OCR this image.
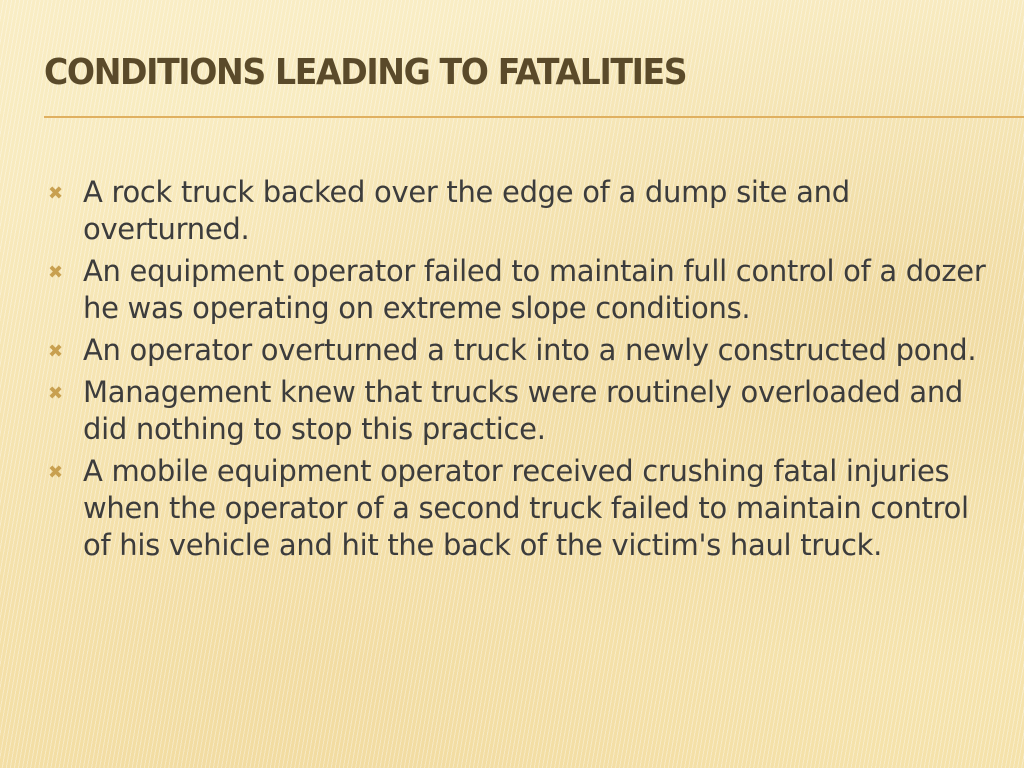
CONDITIONS LEADING TO FATALITIES
✖ A rock truck backed over the edge of a dump site and overturned.
✖ An equipment operator failed to maintain full control of a dozer he was operating on extreme slope conditions.
✖ An operator overturned a truck into a newly constructed pond.
✖ Management knew that trucks were routinely overloaded and did nothing to stop this practice.
✖ A mobile equipment operator received crushing fatal injuries when the operator of a second truck failed to maintain control of his vehicle and hit the back of the victim's haul truck.
